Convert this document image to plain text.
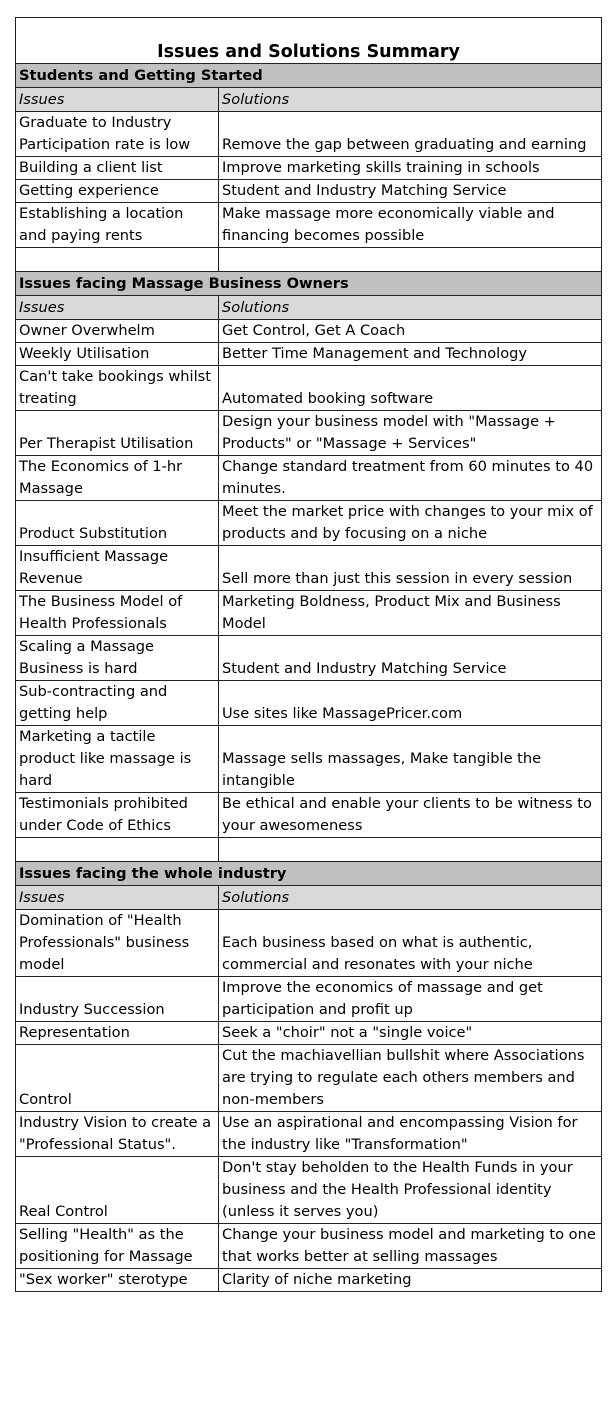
Issues and Solutions Summary	
Students and Getting Started	
Issues	Solutions
Graduate to Industry Participation rate is low	Remove the gap between graduating and earning
Building a client list	Improve marketing skills training in schools
Getting experience	Student and Industry Matching Service
Establishing a location and paying rents	Make massage more economically viable and financing becomes possible

Issues facing Massage Business Owners	
Issues	Solutions
Owner Overwhelm	Get Control, Get A Coach
Weekly Utilisation	Better Time Management and Technology
Can't take bookings whilst treating	Automated booking software
Per Therapist Utilisation	Design your business model with "Massage + Products" or "Massage + Services"
The Economics of 1-hr Massage	Change standard treatment from 60 minutes to 40 minutes.
Product Substitution	Meet the market price with changes to your mix of products and by focusing on a niche
Insufficient Massage Revenue	Sell more than just this session in every session
The Business Model of Health Professionals	Marketing Boldness, Product Mix and Business Model
Scaling a Massage Business is hard	Student and Industry Matching Service
Sub-contracting and getting help	Use sites like MassagePricer.com
Marketing a tactile product like massage is hard	Massage sells massages, Make tangible the intangible
Testimonials prohibited under Code of Ethics	Be ethical and enable your clients to be witness to your awesomeness

Issues facing the whole industry	
Issues	Solutions
Domination of "Health Professionals" business model	Each business based on what is authentic, commercial and resonates with your niche
Industry Succession	Improve the economics of massage and get participation and profit up
Representation	Seek a "choir" not a "single voice"
Control	Cut the machiavellian bullshit where Associations are trying to regulate each others members and non-members
Industry Vision to create a "Professional Status".	Use an aspirational and encompassing Vision for the industry like "Transformation"
Real Control	Don't stay beholden to the Health Funds in your business and the Health Professional identity (unless it serves you)
Selling "Health" as the positioning for Massage	Change your business model and marketing to one that works better at selling massages
"Sex worker" sterotype	Clarity of niche marketing
